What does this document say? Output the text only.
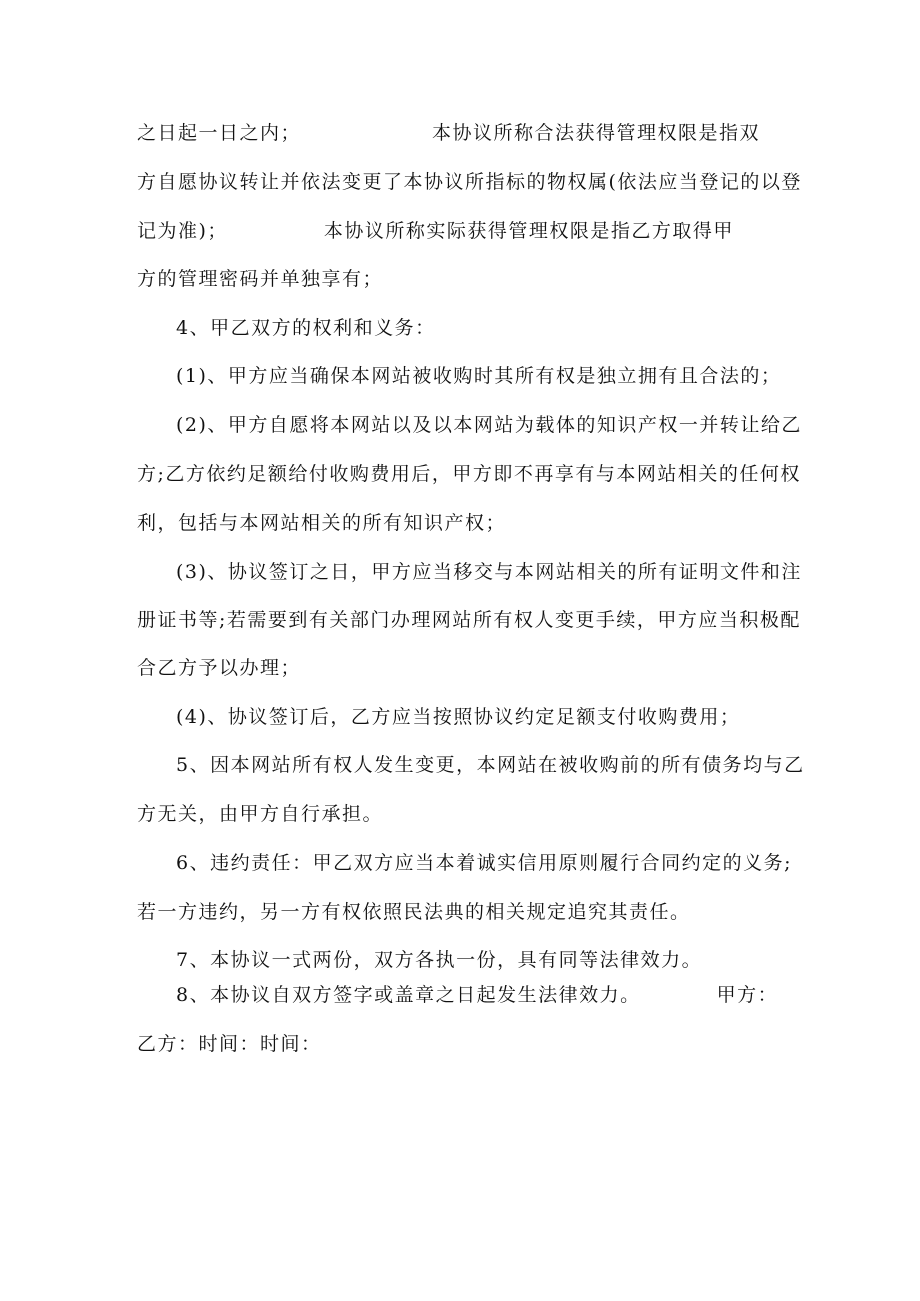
之日起一日之内；	本协议所称合法获得管理权限是指双
方自愿协议转让并依法变更了本协议所指标的物权属(依法应当登记的以登
记为准)；	本协议所称实际获得管理权限是指乙方取得甲
方的管理密码并单独享有；
4、甲乙双方的权利和义务：
(1)、甲方应当确保本网站被收购时其所有权是独立拥有且合法的；
(2)、甲方自愿将本网站以及以本网站为载体的知识产权一并转让给乙
方;乙方依约足额给付收购费用后，甲方即不再享有与本网站相关的任何权
利，包括与本网站相关的所有知识产权；
(3)、协议签订之日，甲方应当移交与本网站相关的所有证明文件和注
册证书等;若需要到有关部门办理网站所有权人变更手续，甲方应当积极配
合乙方予以办理；
(4)、协议签订后，乙方应当按照协议约定足额支付收购费用；
5、因本网站所有权人发生变更，本网站在被收购前的所有债务均与乙
方无关，由甲方自行承担。
6、违约责任：甲乙双方应当本着诚实信用原则履行合同约定的义务;
若一方违约，另一方有权依照民法典的相关规定追究其责任。
7、本协议一式两份，双方各执一份，具有同等法律效力。
8、本协议自双方签字或盖章之日起发生法律效力。	甲方：
乙方：时间：时间：
